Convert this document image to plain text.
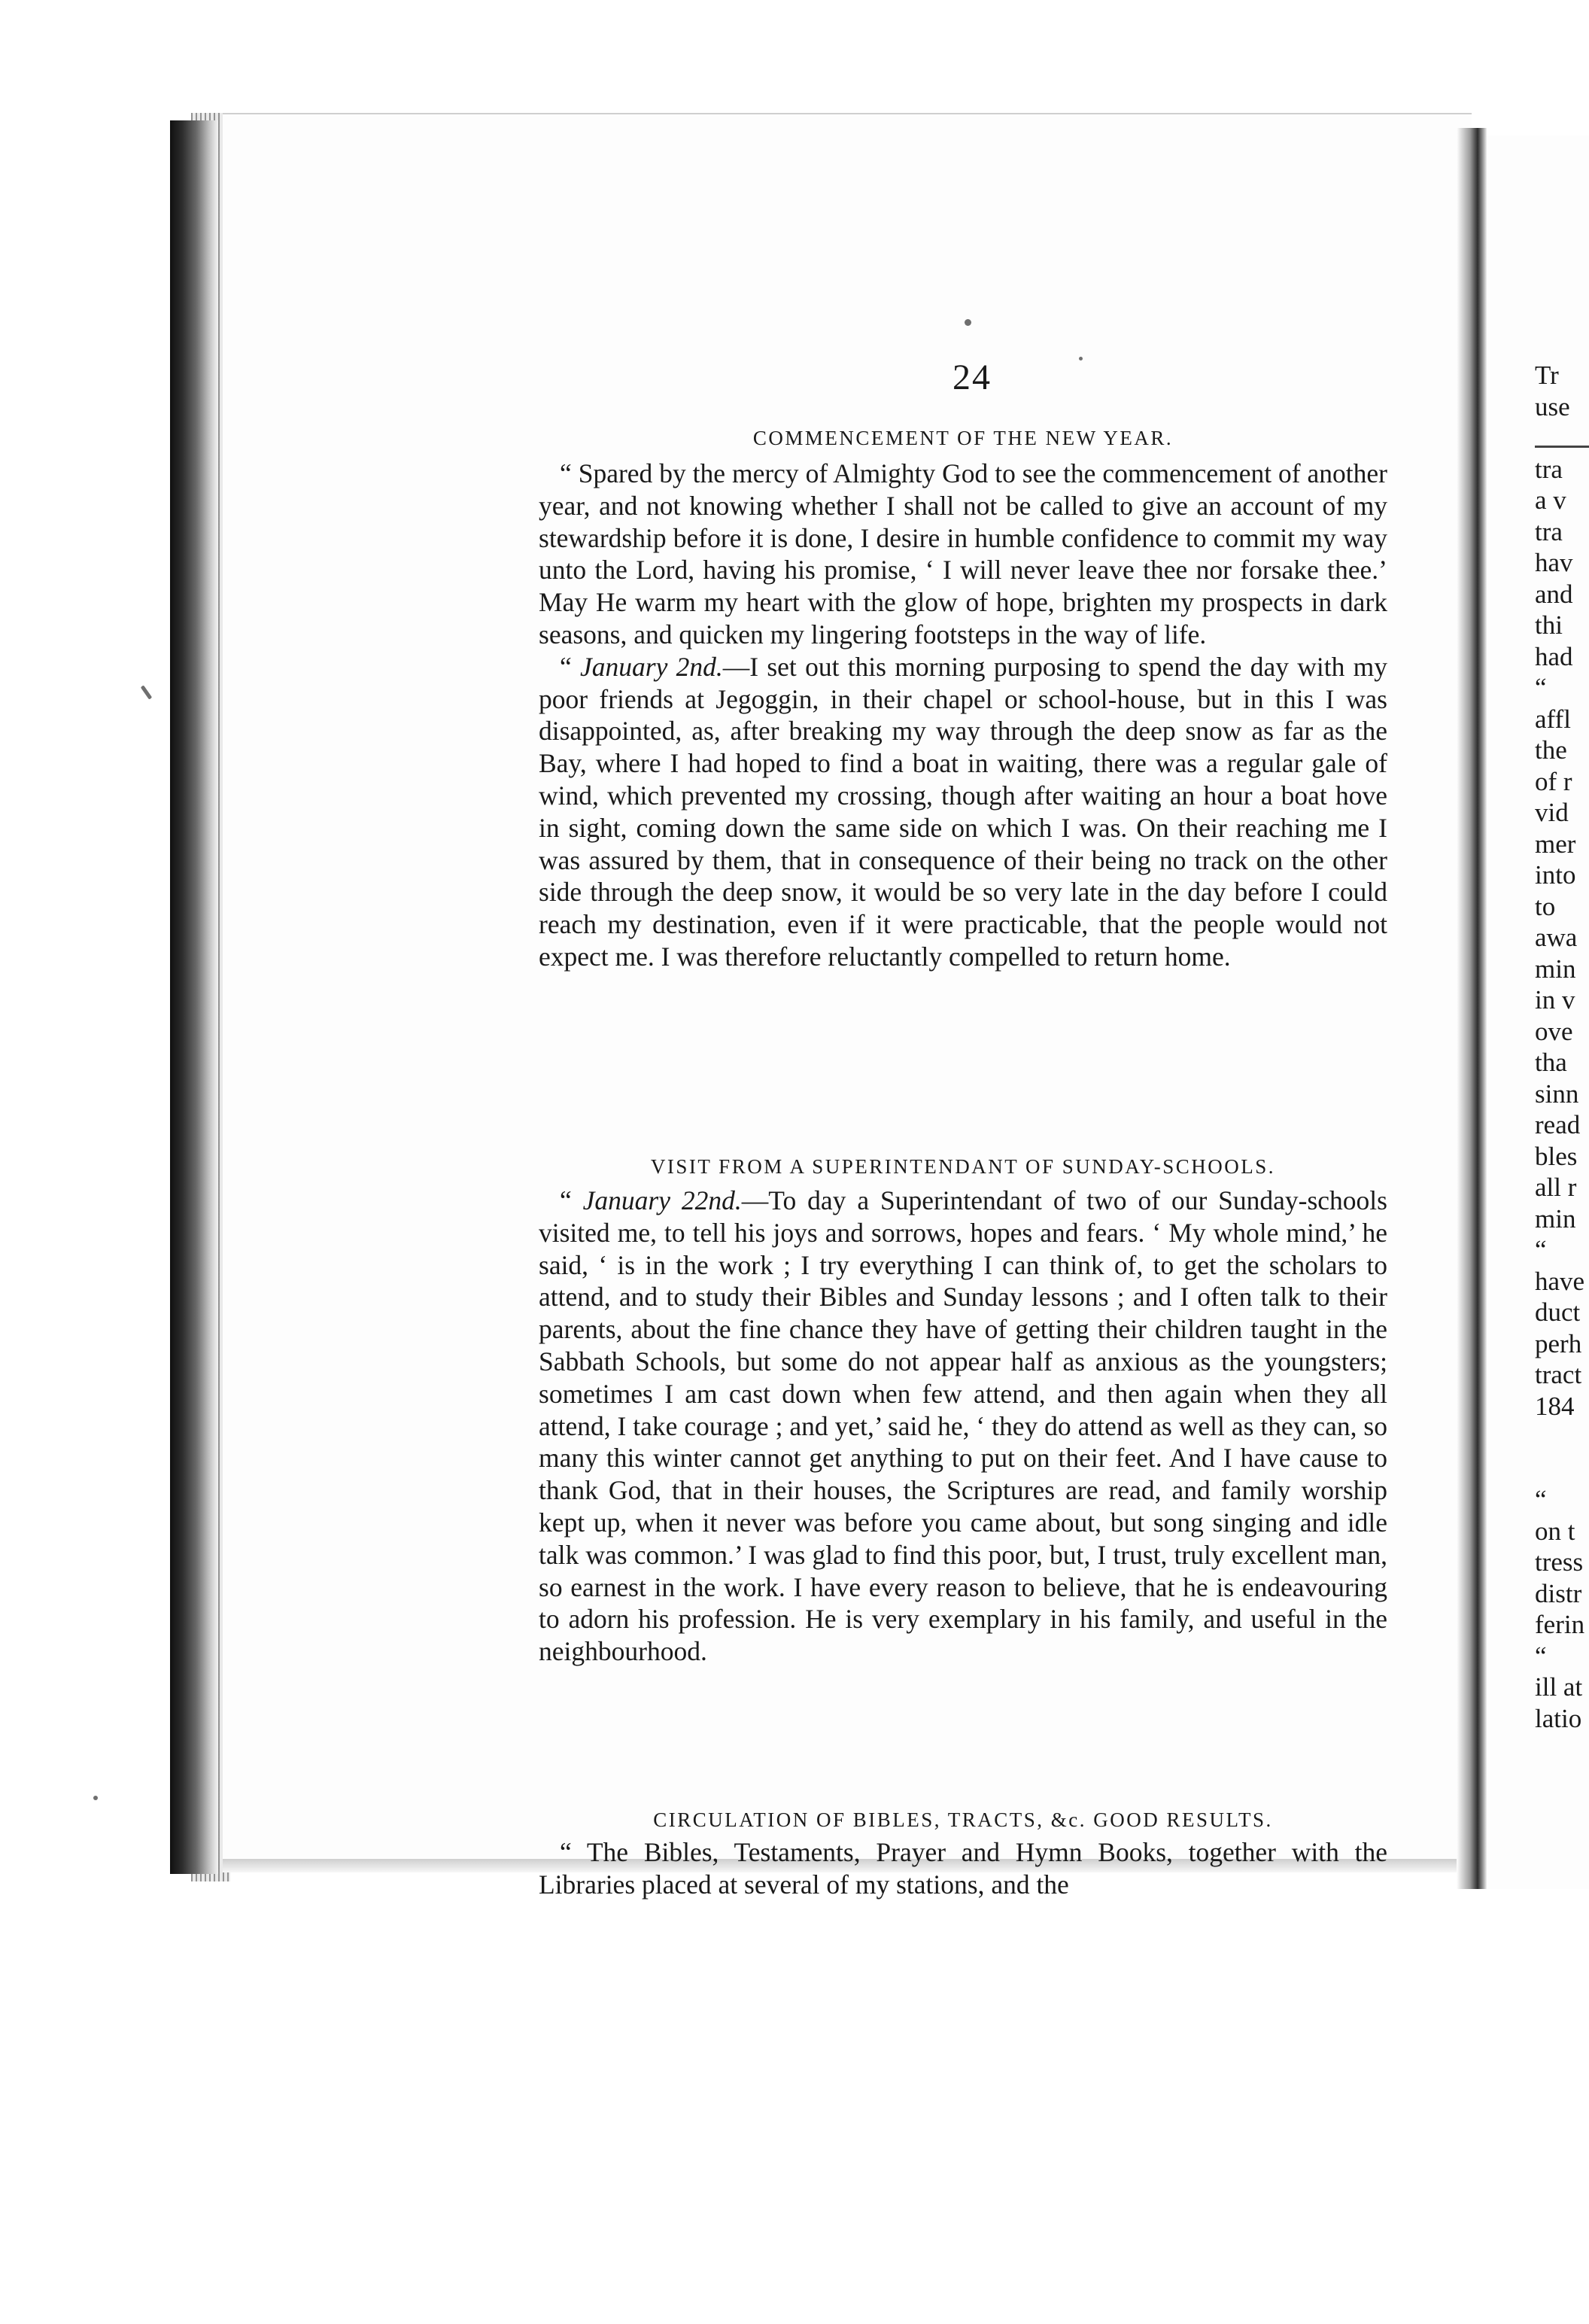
24
COMMENCEMENT OF THE NEW YEAR.

“ Spared by the mercy of Almighty God to see the commencement of another year, and not knowing whether I shall not be called to give an account of my stewardship before it is done, I desire in humble confidence to commit my way unto the Lord, having his promise, ‘ I will never leave thee nor forsake thee.’ May He warm my heart with the glow of hope, brighten my prospects in dark seasons, and quicken my lingering footsteps in the way of life.

“ January 2nd.—I set out this morning purposing to spend the day with my poor friends at Jegoggin, in their chapel or school-house, but in this I was disappointed, as, after breaking my way through the deep snow as far as the Bay, where I had hoped to find a boat in waiting, there was a regular gale of wind, which prevented my crossing, though after waiting an hour a boat hove in sight, coming down the same side on which I was. On their reaching me I was assured by them, that in consequence of their being no track on the other side through the deep snow, it would be so very late in the day before I could reach my destination, even if it were practicable, that the people would not expect me. I was therefore reluctantly compelled to return home.

VISIT FROM A SUPERINTENDANT OF SUNDAY-SCHOOLS.

“ January 22nd.—To day a Superintendant of two of our Sunday-schools visited me, to tell his joys and sorrows, hopes and fears. ‘ My whole mind,’ he said, ‘ is in the work ; I try everything I can think of, to get the scholars to attend, and to study their Bibles and Sunday lessons ; and I often talk to their parents, about the fine chance they have of getting their children taught in the Sabbath Schools, but some do not appear half as anxious as the youngsters; sometimes I am cast down when few attend, and then again when they all attend, I take courage ; and yet,’ said he, ‘ they do attend as well as they can, so many this winter cannot get anything to put on their feet. And I have cause to thank God, that in their houses, the Scriptures are read, and family worship kept up, when it never was before you came about, but song singing and idle talk was common.’ I was glad to find this poor, but, I trust, truly excellent man, so earnest in the work. I have every reason to believe, that he is endeavouring to adorn his profession. He is very exemplary in his family, and useful in the neighbourhood.

CIRCULATION OF BIBLES, TRACTS, &c. GOOD RESULTS.

“ The Bibles, Testaments, Prayer and Hymn Books, together with the Libraries placed at several of my stations, and the

Tr
use
tra
a v
tra
hav
and
thi
had
“
affl
the
of r
vid
mer
into
to
awa
min
in v
ove
tha
sinn
read
bles
all r
min
“
have
duct
perh
tract
184
“
on t
tress
distr
ferin
“
ill at
latio
